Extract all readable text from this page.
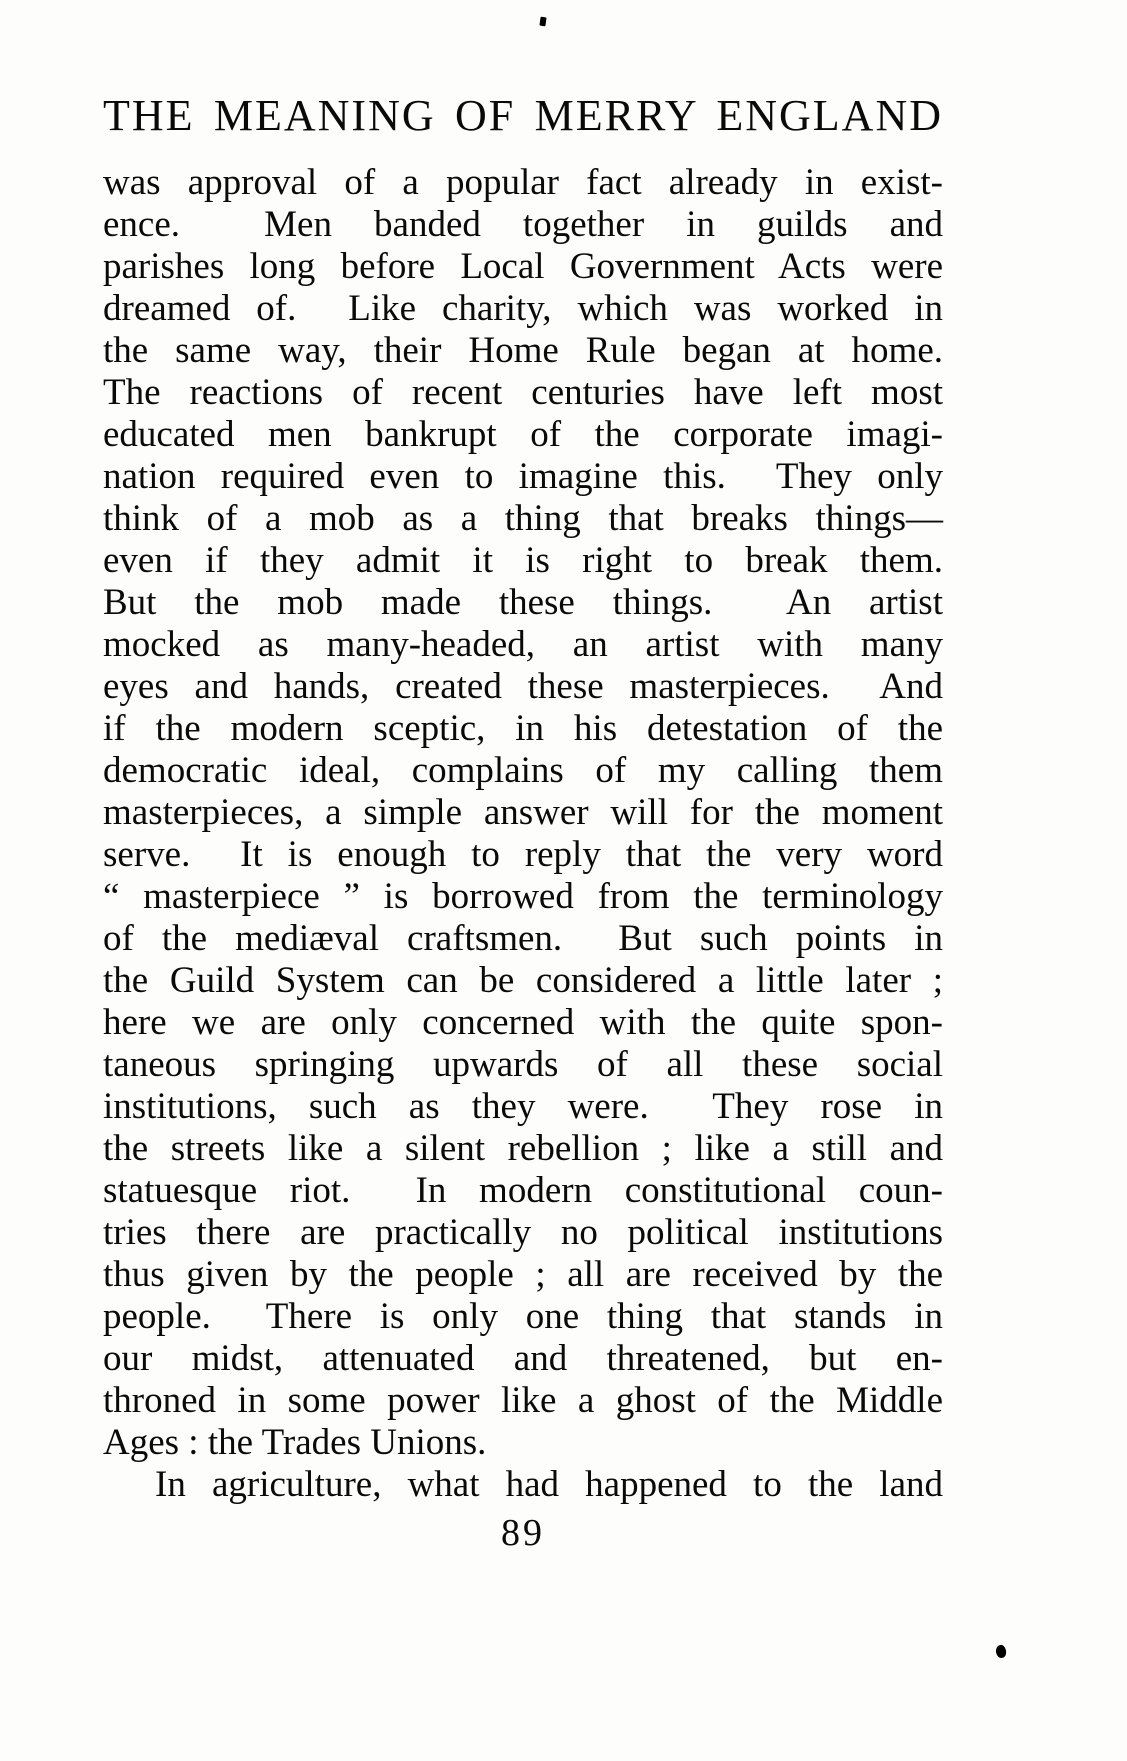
THE MEANING OF MERRY ENGLAND
was approval of a popular fact already in exist-
ence.  Men banded together in guilds and
parishes long before Local Government Acts were
dreamed of.  Like charity, which was worked in
the same way, their Home Rule began at home.
The reactions of recent centuries have left most
educated men bankrupt of the corporate imagi-
nation required even to imagine this.  They only
think of a mob as a thing that breaks things—
even if they admit it is right to break them.
But the mob made these things.  An artist
mocked as many-headed, an artist with many
eyes and hands, created these masterpieces.  And
if the modern sceptic, in his detestation of the
democratic ideal, complains of my calling them
masterpieces, a simple answer will for the moment
serve.  It is enough to reply that the very word
“ masterpiece ” is borrowed from the terminology
of the mediæval craftsmen.  But such points in
the Guild System can be considered a little later ;
here we are only concerned with the quite spon-
taneous springing upwards of all these social
institutions, such as they were.  They rose in
the streets like a silent rebellion ; like a still and
statuesque riot.  In modern constitutional coun-
tries there are practically no political institutions
thus given by the people ; all are received by the
people.  There is only one thing that stands in
our midst, attenuated and threatened, but en-
throned in some power like a ghost of the Middle
Ages : the Trades Unions.
In agriculture, what had happened to the land
89
